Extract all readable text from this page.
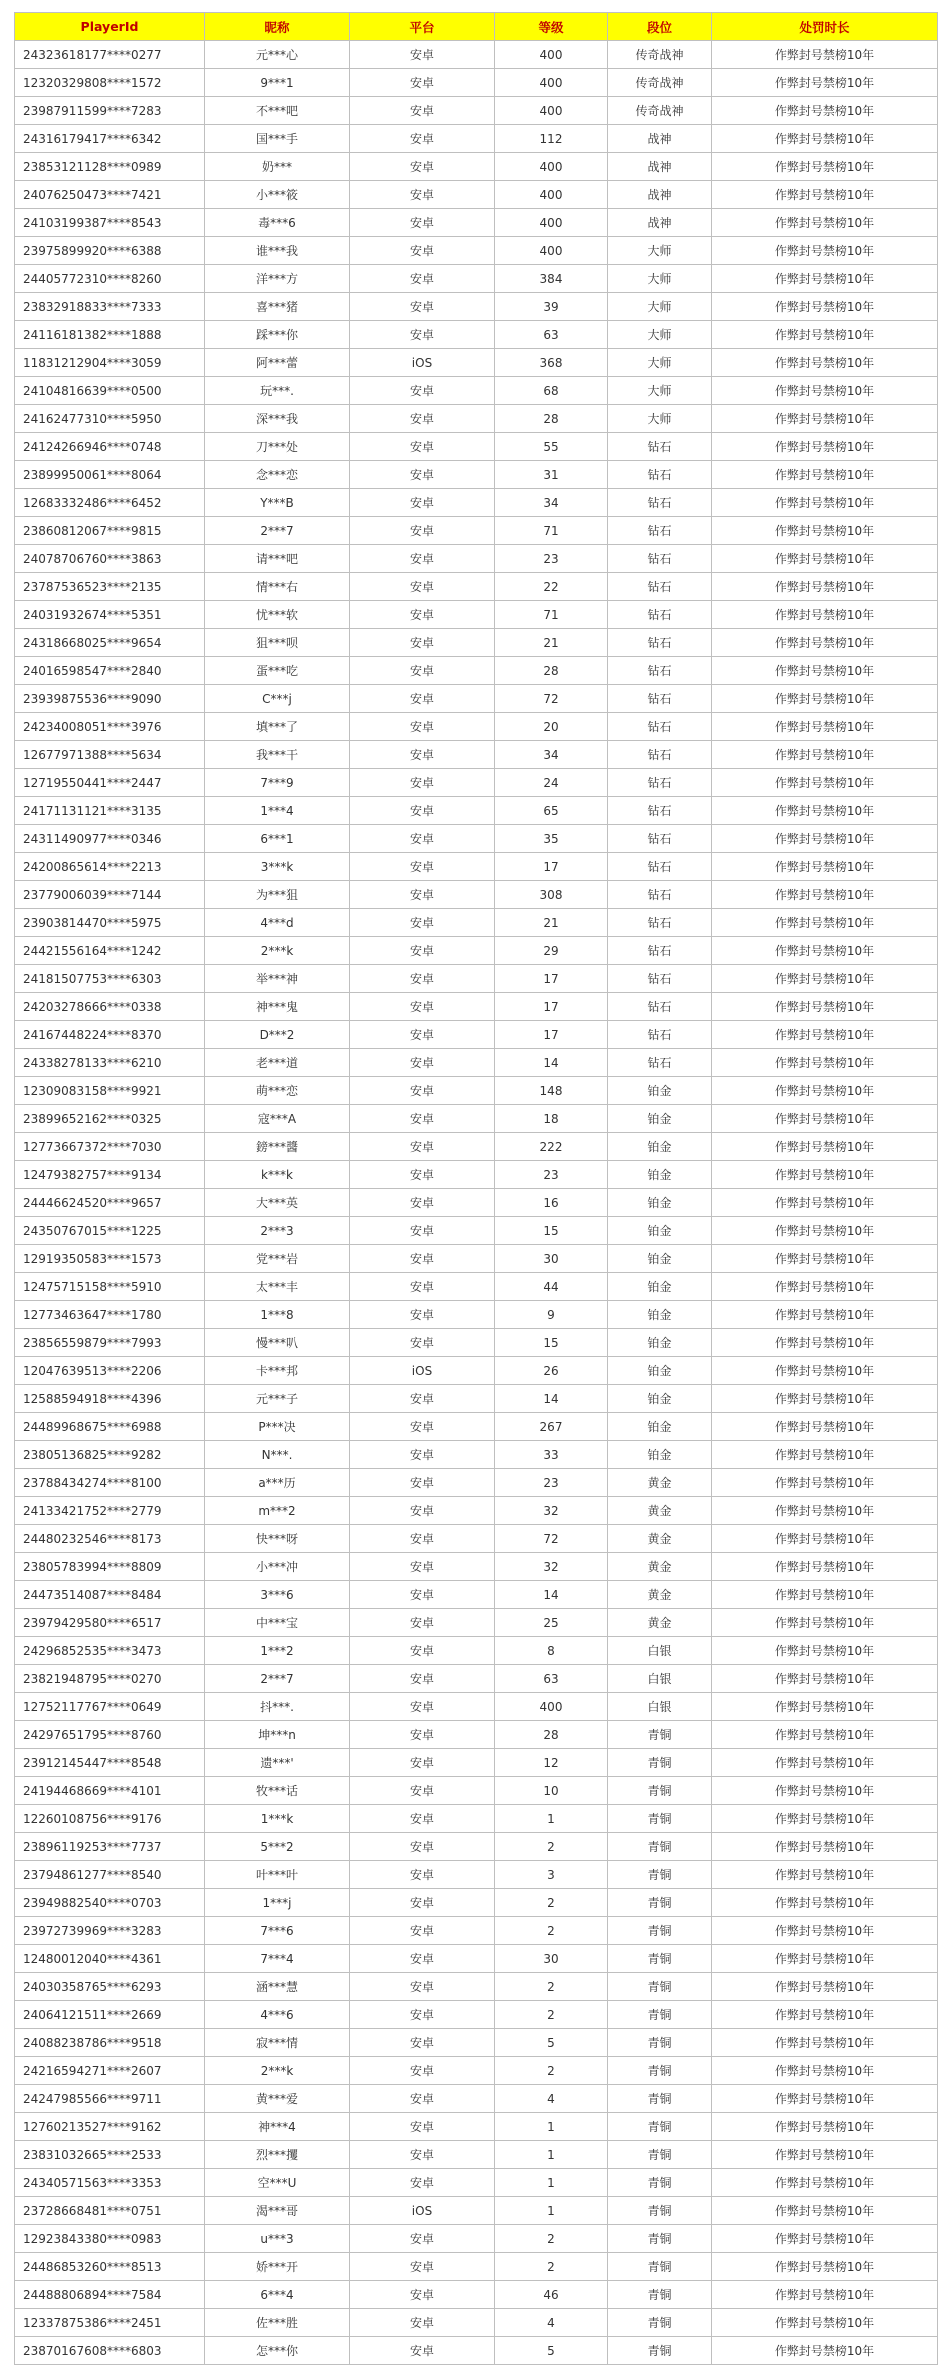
PlayerId	昵称	平台	等级	段位	处罚时长
24323618177****0277	元***心	安卓	400	传奇战神	作弊封号禁榜10年
12320329808****1572	9***1	安卓	400	传奇战神	作弊封号禁榜10年
23987911599****7283	不***吧	安卓	400	传奇战神	作弊封号禁榜10年
24316179417****6342	国***手	安卓	112	战神	作弊封号禁榜10年
23853121128****0989	奶***	安卓	400	战神	作弊封号禁榜10年
24076250473****7421	小***筱	安卓	400	战神	作弊封号禁榜10年
24103199387****8543	毒***6	安卓	400	战神	作弊封号禁榜10年
23975899920****6388	谁***我	安卓	400	大师	作弊封号禁榜10年
24405772310****8260	洋***方	安卓	384	大师	作弊封号禁榜10年
23832918833****7333	喜***猪	安卓	39	大师	作弊封号禁榜10年
24116181382****1888	踩***你	安卓	63	大师	作弊封号禁榜10年
11831212904****3059	阿***蕾	iOS	368	大师	作弊封号禁榜10年
24104816639****0500	玩***.	安卓	68	大师	作弊封号禁榜10年
24162477310****5950	深***我	安卓	28	大师	作弊封号禁榜10年
24124266946****0748	刀***处	安卓	55	钻石	作弊封号禁榜10年
23899950061****8064	念***恋	安卓	31	钻石	作弊封号禁榜10年
12683332486****6452	Y***B	安卓	34	钻石	作弊封号禁榜10年
23860812067****9815	2***7	安卓	71	钻石	作弊封号禁榜10年
24078706760****3863	请***吧	安卓	23	钻石	作弊封号禁榜10年
23787536523****2135	情***右	安卓	22	钻石	作弊封号禁榜10年
24031932674****5351	忧***软	安卓	71	钻石	作弊封号禁榜10年
24318668025****9654	狙***呗	安卓	21	钻石	作弊封号禁榜10年
24016598547****2840	蛋***吃	安卓	28	钻石	作弊封号禁榜10年
23939875536****9090	C***j	安卓	72	钻石	作弊封号禁榜10年
24234008051****3976	填***了	安卓	20	钻石	作弊封号禁榜10年
12677971388****5634	我***干	安卓	34	钻石	作弊封号禁榜10年
12719550441****2447	7***9	安卓	24	钻石	作弊封号禁榜10年
24171131121****3135	1***4	安卓	65	钻石	作弊封号禁榜10年
24311490977****0346	6***1	安卓	35	钻石	作弊封号禁榜10年
24200865614****2213	3***k	安卓	17	钻石	作弊封号禁榜10年
23779006039****7144	为***狙	安卓	308	钻石	作弊封号禁榜10年
23903814470****5975	4***d	安卓	21	钻石	作弊封号禁榜10年
24421556164****1242	2***k	安卓	29	钻石	作弊封号禁榜10年
24181507753****6303	举***神	安卓	17	钻石	作弊封号禁榜10年
24203278666****0338	神***鬼	安卓	17	钻石	作弊封号禁榜10年
24167448224****8370	D***2	安卓	17	钻石	作弊封号禁榜10年
24338278133****6210	老***道	安卓	14	钻石	作弊封号禁榜10年
12309083158****9921	萌***恋	安卓	148	铂金	作弊封号禁榜10年
23899652162****0325	寇***A	安卓	18	铂金	作弊封号禁榜10年
12773667372****7030	鎊***醬	安卓	222	铂金	作弊封号禁榜10年
12479382757****9134	k***k	安卓	23	铂金	作弊封号禁榜10年
24446624520****9657	大***英	安卓	16	铂金	作弊封号禁榜10年
24350767015****1225	2***3	安卓	15	铂金	作弊封号禁榜10年
12919350583****1573	党***岩	安卓	30	铂金	作弊封号禁榜10年
12475715158****5910	太***丰	安卓	44	铂金	作弊封号禁榜10年
12773463647****1780	1***8	安卓	9	铂金	作弊封号禁榜10年
23856559879****7993	慢***叭	安卓	15	铂金	作弊封号禁榜10年
12047639513****2206	卡***邦	iOS	26	铂金	作弊封号禁榜10年
12588594918****4396	元***子	安卓	14	铂金	作弊封号禁榜10年
24489968675****6988	P***决	安卓	267	铂金	作弊封号禁榜10年
23805136825****9282	N***.	安卓	33	铂金	作弊封号禁榜10年
23788434274****8100	a***历	安卓	23	黄金	作弊封号禁榜10年
24133421752****2779	m***2	安卓	32	黄金	作弊封号禁榜10年
24480232546****8173	快***呀	安卓	72	黄金	作弊封号禁榜10年
23805783994****8809	小***冲	安卓	32	黄金	作弊封号禁榜10年
24473514087****8484	3***6	安卓	14	黄金	作弊封号禁榜10年
23979429580****6517	中***宝	安卓	25	黄金	作弊封号禁榜10年
24296852535****3473	1***2	安卓	8	白银	作弊封号禁榜10年
23821948795****0270	2***7	安卓	63	白银	作弊封号禁榜10年
12752117767****0649	抖***.	安卓	400	白银	作弊封号禁榜10年
24297651795****8760	坤***n	安卓	28	青铜	作弊封号禁榜10年
23912145447****8548	遗***'	安卓	12	青铜	作弊封号禁榜10年
24194468669****4101	牧***话	安卓	10	青铜	作弊封号禁榜10年
12260108756****9176	1***k	安卓	1	青铜	作弊封号禁榜10年
23896119253****7737	5***2	安卓	2	青铜	作弊封号禁榜10年
23794861277****8540	叶***叶	安卓	3	青铜	作弊封号禁榜10年
23949882540****0703	1***j	安卓	2	青铜	作弊封号禁榜10年
23972739969****3283	7***6	安卓	2	青铜	作弊封号禁榜10年
12480012040****4361	7***4	安卓	30	青铜	作弊封号禁榜10年
24030358765****6293	涵***慧	安卓	2	青铜	作弊封号禁榜10年
24064121511****2669	4***6	安卓	2	青铜	作弊封号禁榜10年
24088238786****9518	寂***情	安卓	5	青铜	作弊封号禁榜10年
24216594271****2607	2***k	安卓	2	青铜	作弊封号禁榜10年
24247985566****9711	黄***爱	安卓	4	青铜	作弊封号禁榜10年
12760213527****9162	神***4	安卓	1	青铜	作弊封号禁榜10年
23831032665****2533	烈***攫	安卓	1	青铜	作弊封号禁榜10年
24340571563****3353	空***U	安卓	1	青铜	作弊封号禁榜10年
23728668481****0751	渴***哥	iOS	1	青铜	作弊封号禁榜10年
12923843380****0983	u***3	安卓	2	青铜	作弊封号禁榜10年
24486853260****8513	娇***开	安卓	2	青铜	作弊封号禁榜10年
24488806894****7584	6***4	安卓	46	青铜	作弊封号禁榜10年
12337875386****2451	佐***胜	安卓	4	青铜	作弊封号禁榜10年
23870167608****6803	怎***你	安卓	5	青铜	作弊封号禁榜10年
